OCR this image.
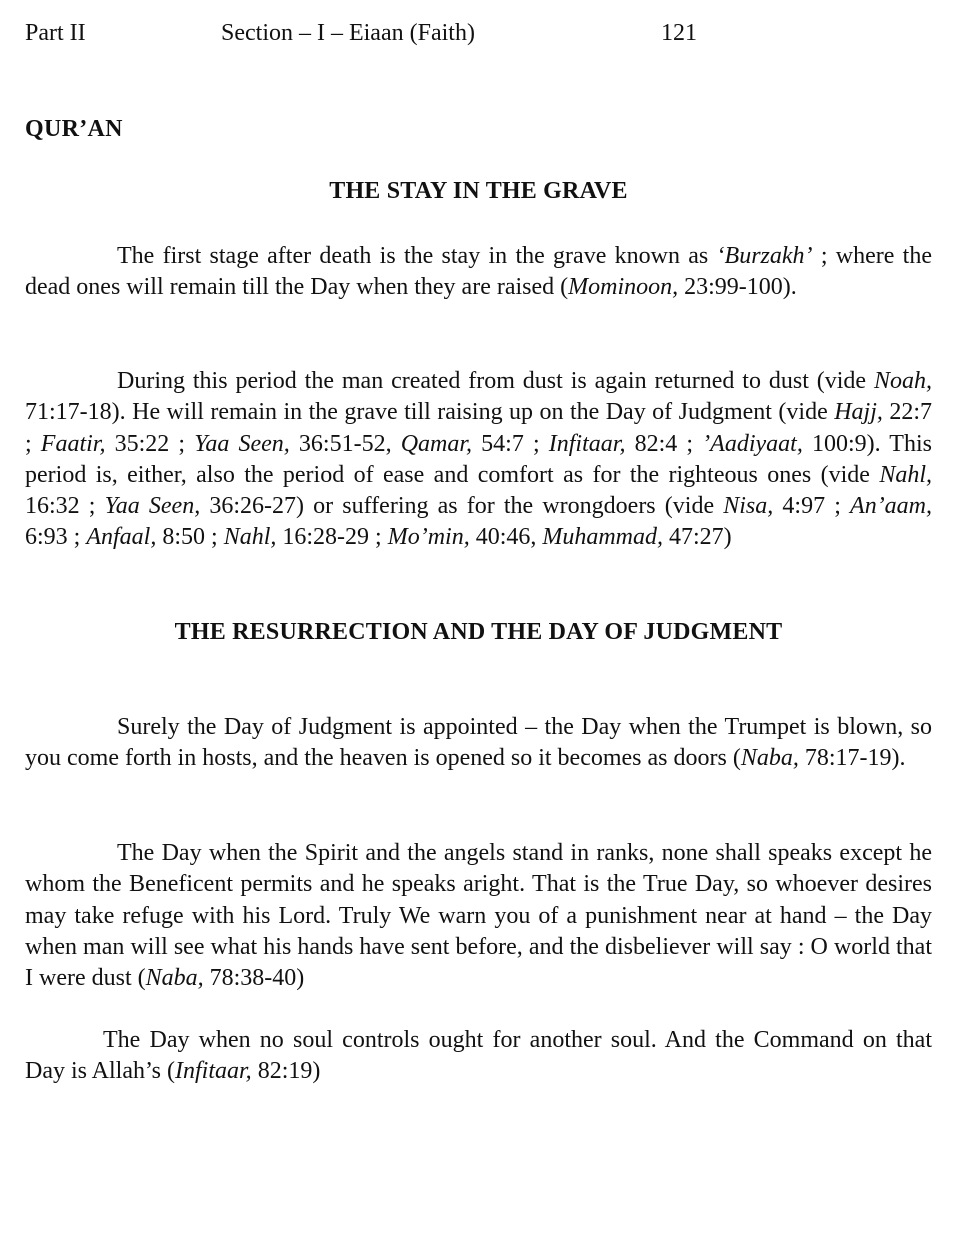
Part II	Section – I – Eiaan (Faith)	121
QUR’AN
THE STAY IN THE GRAVE

The first stage after death is the stay in the grave known as ‘Burzakh’ ; where the dead ones will remain till the Day when they are raised (Mominoon, 23:99-100).

During this period the man created from dust is again returned to dust (vide Noah, 71:17-18). He will remain in the grave till raising up on the Day of Judgment (vide Hajj, 22:7 ; Faatir, 35:22 ; Yaa Seen, 36:51-52, Qamar, 54:7 ; Infitaar, 82:4 ; ’Aadiyaat, 100:9). This period is, either, also the period of ease and comfort as for the righteous ones (vide Nahl, 16:32 ; Yaa Seen, 36:26-27) or suffering as for the wrongdoers (vide Nisa, 4:97 ; An’aam, 6:93 ; Anfaal, 8:50 ; Nahl, 16:28-29 ; Mo’min, 40:46, Muhammad, 47:27)

THE RESURRECTION AND THE DAY OF JUDGMENT

Surely the Day of Judgment is appointed – the Day when the Trumpet is blown, so you come forth in hosts, and the heaven is opened so it becomes as doors (Naba, 78:17-19).

The Day when the Spirit and the angels stand in ranks, none shall speaks except he whom the Beneficent permits and he speaks aright. That is the True Day, so whoever desires may take refuge with his Lord. Truly We warn you of a punishment near at hand – the Day when man will see what his hands have sent before, and the disbeliever will say : O world that I were dust (Naba, 78:38-40)

The Day when no soul controls ought for another soul. And the Command on that Day is Allah’s (Infitaar, 82:19)
